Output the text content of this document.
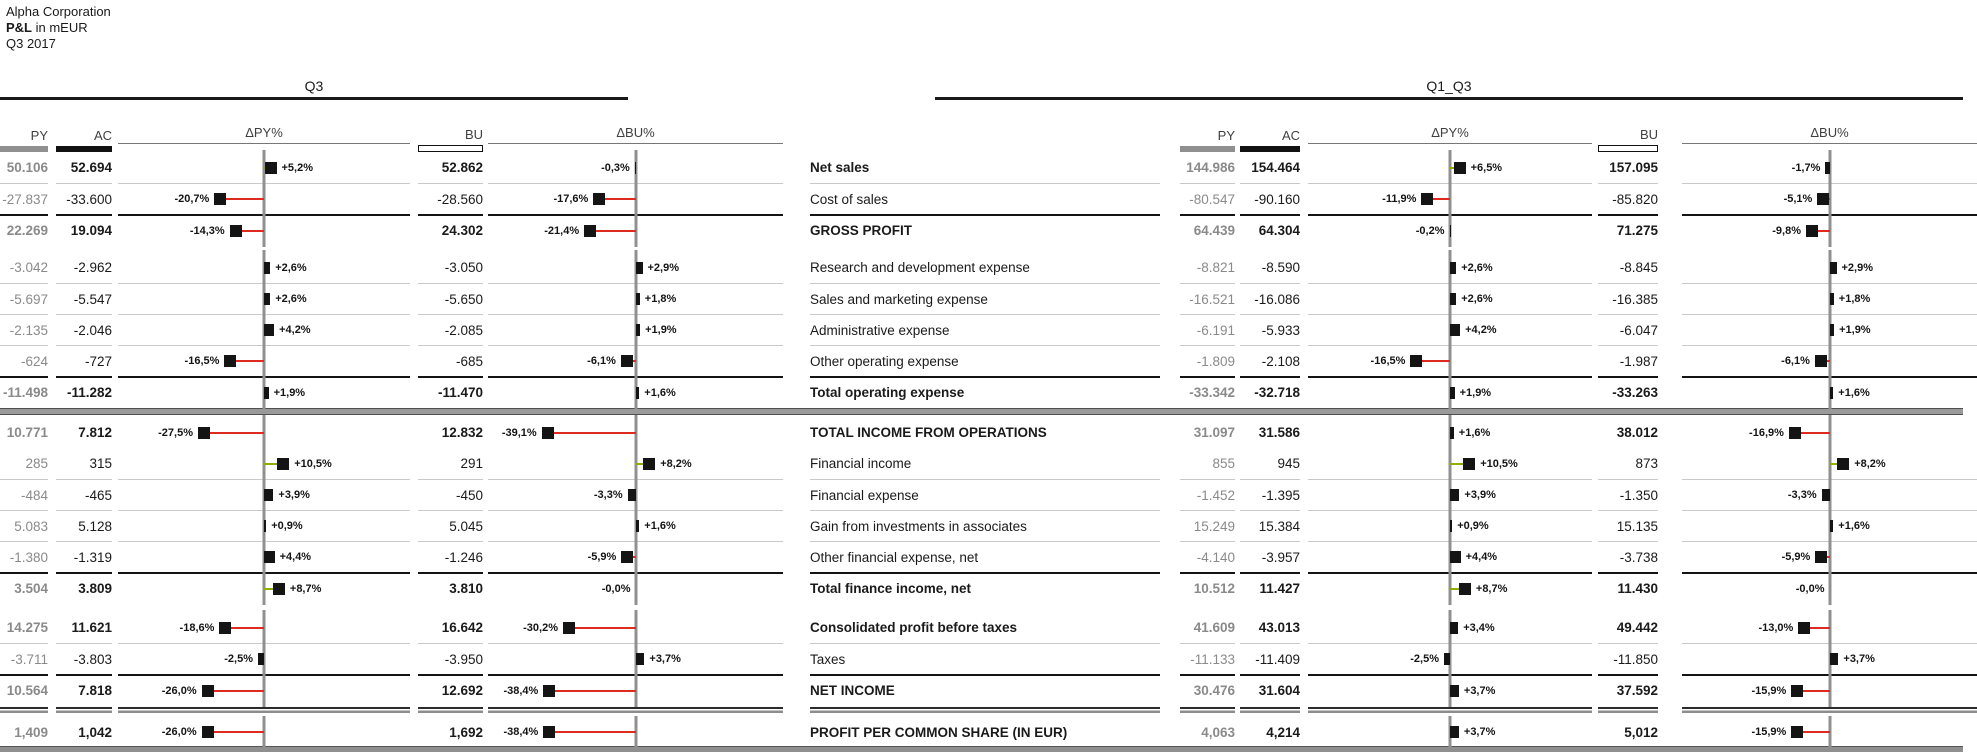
Alpha Corporation
P&L in mEUR
Q3 2017
Q3	Q1_Q3
PY	AC	ΔPY%	BU	ΔBU%	PY	AC	ΔPY%	BU	ΔBU%
50.106	52.694	+5,2%	52.862	-0,3%	Net sales	144.986	154.464	+6,5%	157.095	-1,7%
-27.837	-33.600	-20,7%	-28.560	-17,6%	Cost of sales	-80.547	-90.160	-11,9%	-85.820	-5,1%
22.269	19.094	-14,3%	24.302	-21,4%	GROSS PROFIT	64.439	64.304	-0,2%	71.275	-9,8%
-3.042	-2.962	+2,6%	-3.050	+2,9%	Research and development expense	-8.821	-8.590	+2,6%	-8.845	+2,9%
-5.697	-5.547	+2,6%	-5.650	+1,8%	Sales and marketing expense	-16.521	-16.086	+2,6%	-16.385	+1,8%
-2.135	-2.046	+4,2%	-2.085	+1,9%	Administrative expense	-6.191	-5.933	+4,2%	-6.047	+1,9%
-624	-727	-16,5%	-685	-6,1%	Other operating expense	-1.809	-2.108	-16,5%	-1.987	-6,1%
-11.498	-11.282	+1,9%	-11.470	+1,6%	Total operating expense	-33.342	-32.718	+1,9%	-33.263	+1,6%
10.771	7.812	-27,5%	12.832 -39,1%	TOTAL INCOME FROM OPERATIONS	31.097	31.586	+1,6%	38.012	-16,9%
285	315	+10,5%	291	+8,2%	Financial income	855	945	+10,5%	873	+8,2%
-484	-465	+3,9%	-450	-3,3%	Financial expense	-1.452	-1.395	+3,9%	-1.350	-3,3%
5.083	5.128	+0,9%	5.045	+1,6%	Gain from investments in associates	15.249	15.384	+0,9%	15.135	+1,6%
-1.380	-1.319	+4,4%	-1.246	-5,9%	Other financial expense, net	-4.140	-3.957	+4,4%	-3.738	-5,9%
3.504	3.809	+8,7%	3.810	-0,0%	Total finance income, net	10.512	11.427	+8,7%	11.430	-0,0%
14.275	11.621	-18,6%	16.642	-30,2%	Consolidated profit before taxes	41.609	43.013	+3,4%	49.442	-13,0%
-3.711	-3.803	-2,5%	-3.950	+3,7%	Taxes	-11.133	-11.409	-2,5%	-11.850	+3,7%
10.564	7.818	-26,0%	12.692 -38,4%	NET INCOME	30.476	31.604	+3,7%	37.592	-15,9%
1,409	1,042	-26,0%	1,692 -38,4%	PROFIT PER COMMON SHARE (IN EUR)	4,063	4,214	+3,7%	5,012	-15,9%
